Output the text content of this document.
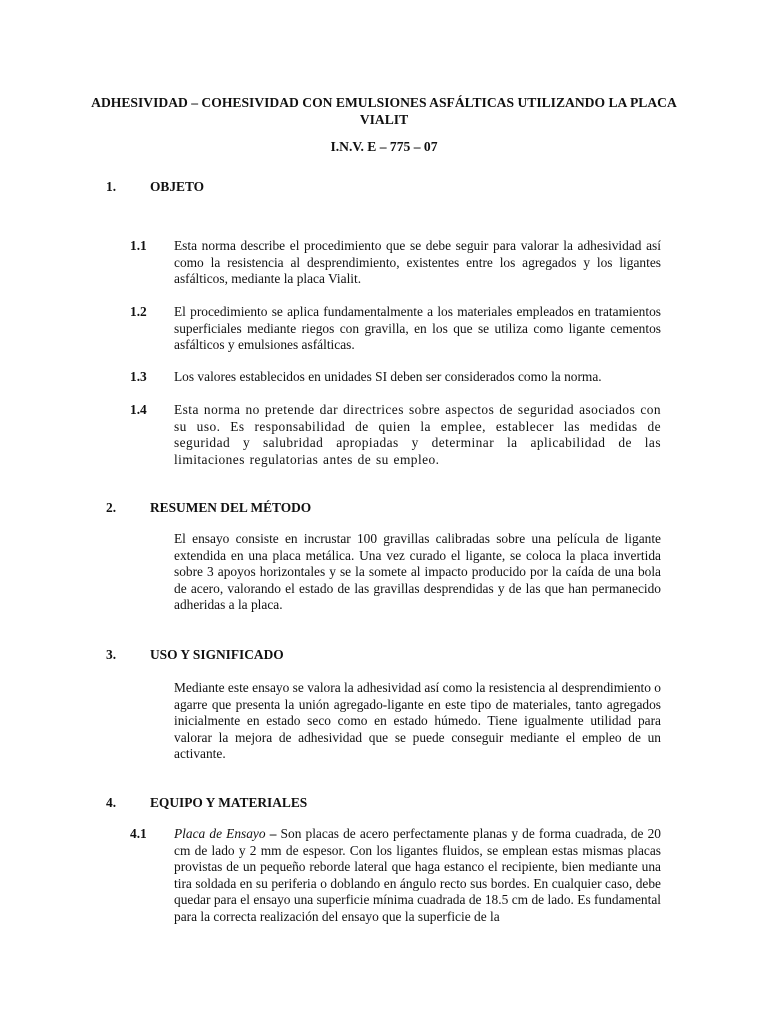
ADHESIVIDAD – COHESIVIDAD CON EMULSIONES ASFÁLTICAS UTILIZANDO LA PLACA VIALIT
I.N.V. E – 775 – 07
1.	OBJETO
1.1 Esta norma describe el procedimiento que se debe seguir para valorar la adhesividad así como la resistencia al desprendimiento, existentes entre los agregados y los ligantes asfálticos, mediante la placa Vialit.

1.2 El procedimiento se aplica fundamentalmente a los materiales empleados en tratamientos superficiales mediante riegos con gravilla, en los que se utiliza como ligante cementos asfálticos y emulsiones asfálticas.

1.3 Los valores establecidos en unidades SI deben ser considerados como la norma.

1.4 Esta norma no pretende dar directrices sobre aspectos de seguridad asociados con su uso. Es responsabilidad de quien la emplee, establecer las medidas de seguridad y salubridad apropiadas y determinar la aplicabilidad de las limitaciones regulatorias antes de su empleo.

2.	RESUMEN DEL MÉTODO

El ensayo consiste en incrustar 100 gravillas calibradas sobre una película de ligante extendida en una placa metálica. Una vez curado el ligante, se coloca la placa invertida sobre 3 apoyos horizontales y se la somete al impacto producido por la caída de una bola de acero, valorando el estado de las gravillas desprendidas y de las que han permanecido adheridas a la placa.

3.	USO Y SIGNIFICADO

Mediante este ensayo se valora la adhesividad así como la resistencia al desprendimiento o agarre que presenta la unión agregado-ligante en este tipo de materiales, tanto agregados inicialmente en estado seco como en estado húmedo. Tiene igualmente utilidad para valorar la mejora de adhesividad que se puede conseguir mediante el empleo de un activante.

4.	EQUIPO Y MATERIALES
4.1 Placa de Ensayo – Son placas de acero perfectamente planas y de forma cuadrada, de 20 cm de lado y 2 mm de espesor. Con los ligantes fluidos, se emplean estas mismas placas provistas de un pequeño reborde lateral que haga estanco el recipiente, bien mediante una tira soldada en su periferia o doblando en ángulo recto sus bordes. En cualquier caso, debe quedar para el ensayo una superficie mínima cuadrada de 18.5 cm de lado. Es fundamental para la correcta realización del ensayo que la superficie de la
